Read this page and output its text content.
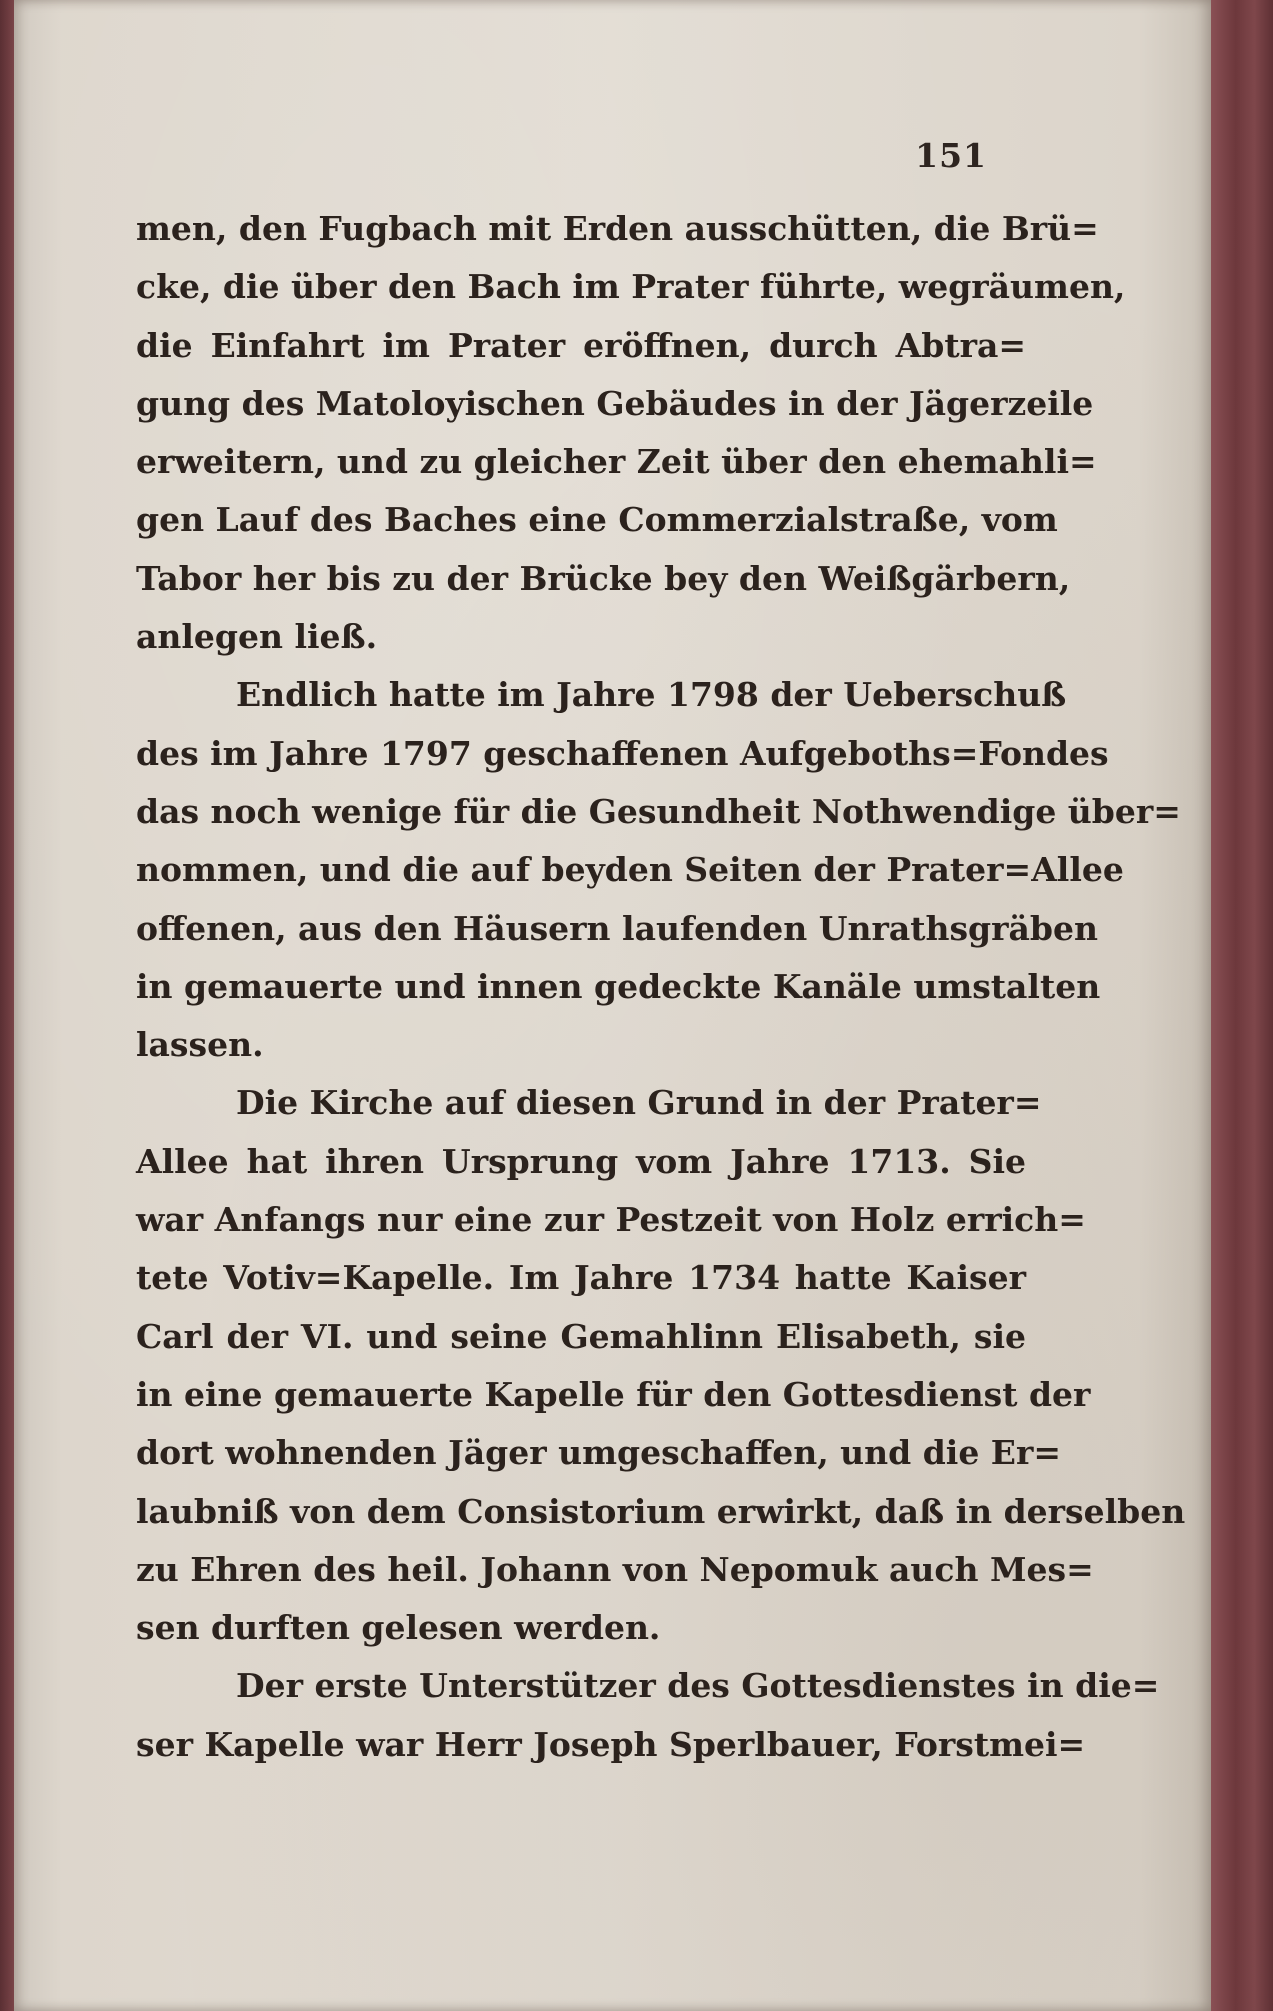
151
men, den Fugbach mit Erden ausschütten, die Brü=
cke, die über den Bach im Prater führte, wegräumen,
die Einfahrt im Prater eröffnen, durch Abtra=
gung des Matoloyischen Gebäudes in der Jägerzeile
erweitern, und zu gleicher Zeit über den ehemahli=
gen Lauf des Baches eine Commerzialstraße, vom
Tabor her bis zu der Brücke bey den Weißgärbern,
anlegen ließ.
Endlich hatte im Jahre 1798 der Ueberschuß
des im Jahre 1797 geschaffenen Aufgeboths=Fondes
das noch wenige für die Gesundheit Nothwendige über=
nommen, und die auf beyden Seiten der Prater=Allee
offenen, aus den Häusern laufenden Unrathsgräben
in gemauerte und innen gedeckte Kanäle umstalten
lassen.
Die Kirche auf diesen Grund in der Prater=
Allee hat ihren Ursprung vom Jahre 1713. Sie
war Anfangs nur eine zur Pestzeit von Holz errich=
tete Votiv=Kapelle. Im Jahre 1734 hatte Kaiser
Carl der VI. und seine Gemahlinn Elisabeth, sie
in eine gemauerte Kapelle für den Gottesdienst der
dort wohnenden Jäger umgeschaffen, und die Er=
laubniß von dem Consistorium erwirkt, daß in derselben
zu Ehren des heil. Johann von Nepomuk auch Mes=
sen durften gelesen werden.
Der erste Unterstützer des Gottesdienstes in die=
ser Kapelle war Herr Joseph Sperlbauer, Forstmei=
